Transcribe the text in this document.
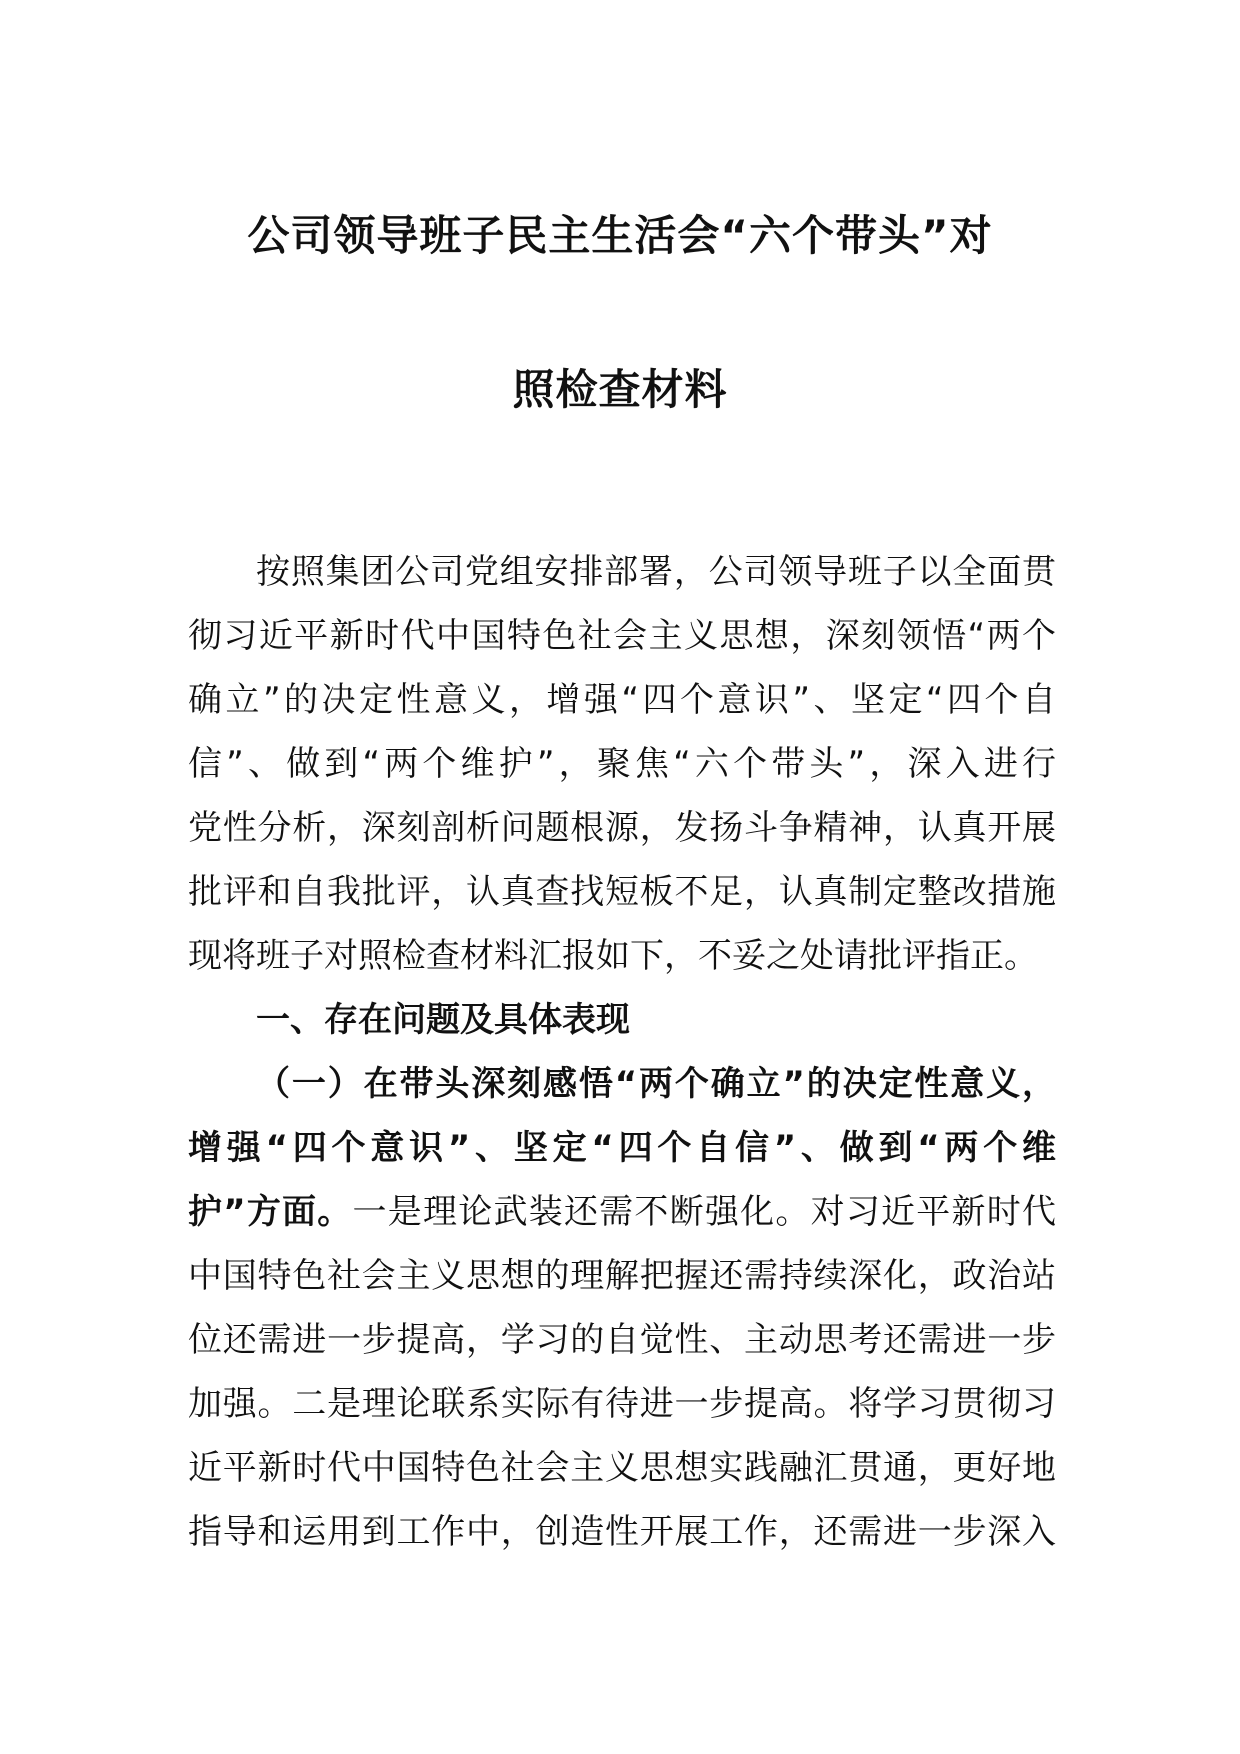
公司领导班子民主生活会“六个带头”对
照检查材料
按照集团公司党组安排部署，公司领导班子以全面贯
彻习近平新时代中国特色社会主义思想，深刻领悟“两个
确立”的决定性意义，增强“四个意识”、坚定“四个自
信”、做到“两个维护”，聚焦“六个带头”，深入进行
党性分析，深刻剖析问题根源，发扬斗争精神，认真开展
批评和自我批评，认真查找短板不足，认真制定整改措施
现将班子对照检查材料汇报如下，不妥之处请批评指正。
一、存在问题及具体表现
（一）在带头深刻感悟“两个确立”的决定性意义，
增强“四个意识”、坚定“四个自信”、做到“两个维
护”方面。一是理论武装还需不断强化。对习近平新时代
中国特色社会主义思想的理解把握还需持续深化，政治站
位还需进一步提高，学习的自觉性、主动思考还需进一步
加强。二是理论联系实际有待进一步提高。将学习贯彻习
近平新时代中国特色社会主义思想实践融汇贯通，更好地
指导和运用到工作中，创造性开展工作，还需进一步深入
